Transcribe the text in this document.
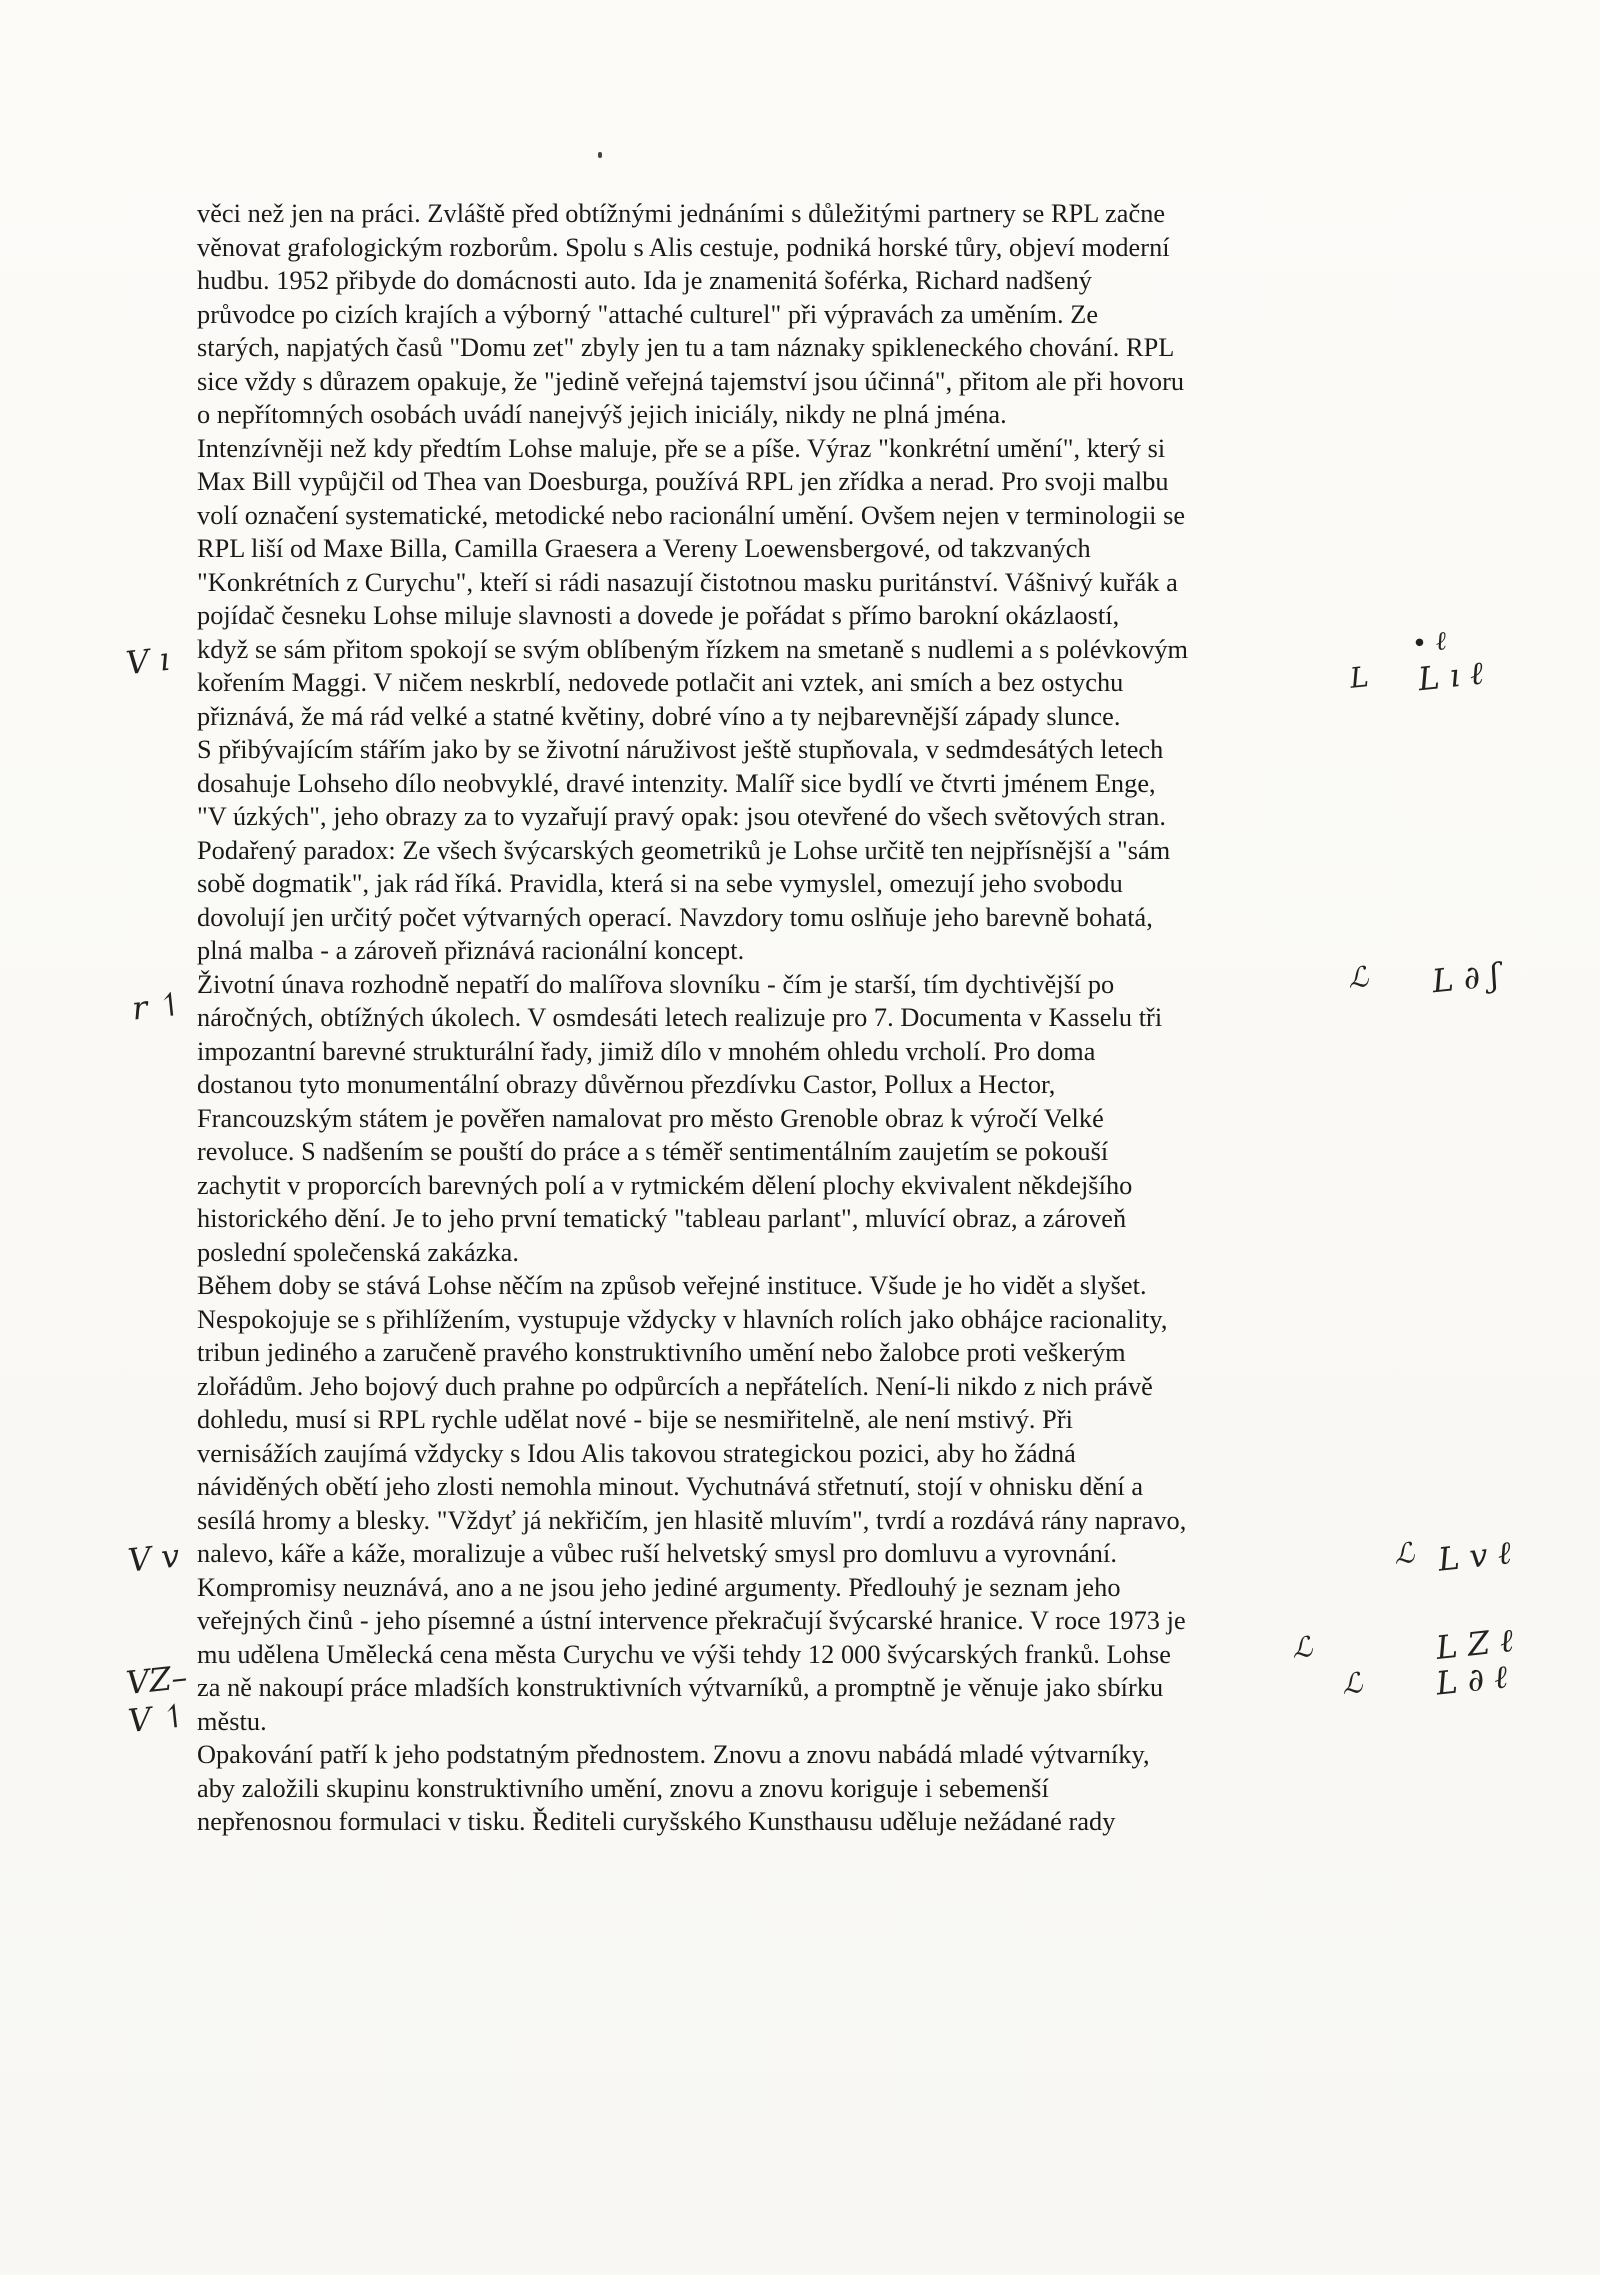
věci než jen na práci. Zvláště před obtížnými jednáními s důležitými partnery se RPL začne
věnovat grafologickým rozborům. Spolu s Alis cestuje, podniká horské tůry, objeví moderní
hudbu. 1952 přibyde do domácnosti auto. Ida je znamenitá šoférka, Richard nadšený
průvodce po cizích krajích a výborný "attaché culturel" při výpravách za uměním. Ze
starých, napjatých časů "Domu zet" zbyly jen tu a tam náznaky spikleneckého chování. RPL
sice vždy s důrazem opakuje, že "jedině veřejná tajemství jsou účinná", přitom ale při hovoru
o nepřítomných osobách uvádí nanejvýš jejich iniciály, nikdy ne plná jména.
Intenzívněji než kdy předtím Lohse maluje, pře se a píše. Výraz "konkrétní umění", který si
Max Bill vypůjčil od Thea van Doesburga, používá RPL jen zřídka a nerad. Pro svoji malbu
volí označení systematické, metodické nebo racionální umění. Ovšem nejen v terminologii se
RPL liší od Maxe Billa, Camilla Graesera a Vereny Loewensbergové, od takzvaných
"Konkrétních z Curychu", kteří si rádi nasazují čistotnou masku puritánství. Vášnivý kuřák a
pojídač česneku Lohse miluje slavnosti a dovede je pořádat s přímo barokní okázlaostí,
když se sám přitom spokojí se svým oblíbeným řízkem na smetaně s nudlemi a s polévkovým
kořením Maggi. V ničem neskrblí, nedovede potlačit ani vztek, ani smích a bez ostychu
přiznává, že má rád velké a statné květiny, dobré víno a ty nejbarevnější západy slunce.
S přibývajícím stářím jako by se životní náruživost ještě stupňovala, v sedmdesátých letech
dosahuje Lohseho dílo neobvyklé, dravé intenzity. Malíř sice bydlí ve čtvrti jménem Enge,
"V úzkých", jeho obrazy za to vyzařují pravý opak: jsou otevřené do všech světových stran.
Podařený paradox: Ze všech švýcarských geometriků je Lohse určitě ten nejpřísnější a "sám
sobě dogmatik", jak rád říká. Pravidla, která si na sebe vymyslel, omezují jeho svobodu
dovolují jen určitý počet výtvarných operací. Navzdory tomu oslňuje jeho barevně bohatá,
plná malba - a zároveň přiznává racionální koncept.
Životní únava rozhodně nepatří do malířova slovníku - čím je starší, tím dychtivější po
náročných, obtížných úkolech. V osmdesáti letech realizuje pro 7. Documenta v Kasselu tři
impozantní barevné strukturální řady, jimiž dílo v mnohém ohledu vrcholí. Pro doma
dostanou tyto monumentální obrazy důvěrnou přezdívku Castor, Pollux a Hector,
Francouzským státem je pověřen namalovat pro město Grenoble obraz k výročí Velké
revoluce. S nadšením se pouští do práce a s téměř sentimentálním zaujetím se pokouší
zachytit v proporcích barevných polí a v rytmickém dělení plochy ekvivalent někdejšího
historického dění. Je to jeho první tematický "tableau parlant", mluvící obraz, a zároveň
poslední společenská zakázka.
Během doby se stává Lohse něčím na způsob veřejné instituce. Všude je ho vidět a slyšet.
Nespokojuje se s přihlížením, vystupuje vždycky v hlavních rolích jako obhájce racionality,
tribun jediného a zaručeně pravého konstruktivního umění nebo žalobce proti veškerým
zlořádům. Jeho bojový duch prahne po odpůrcích a nepřátelích. Není-li nikdo z nich právě
dohledu, musí si RPL rychle udělat nové - bije se nesmiřitelně, ale není mstivý. Při
vernisážích zaujímá vždycky s Idou Alis takovou strategickou pozici, aby ho žádná
náviděných obětí jeho zlosti nemohla minout. Vychutnává střetnutí, stojí v ohnisku dění a
sesílá hromy a blesky. "Vždyť já nekřičím, jen hlasitě mluvím", tvrdí a rozdává rány napravo,
nalevo, káře a káže, moralizuje a vůbec ruší helvetský smysl pro domluvu a vyrovnání.
Kompromisy neuznává, ano a ne jsou jeho jediné argumenty. Předlouhý je seznam jeho
veřejných činů - jeho písemné a ústní intervence překračují švýcarské hranice. V roce 1973 je
mu udělena Umělecká cena města Curychu ve výši tehdy 12 000 švýcarských franků. Lohse
za ně nakoupí práce mladších konstruktivních výtvarníků, a promptně je věnuje jako sbírku
městu.
Opakování patří k jeho podstatným přednostem. Znovu a znovu nabádá mladé výtvarníky,
aby založili skupinu konstruktivního umění, znovu a znovu koriguje i sebemenší
nepřenosnou formulaci v tisku. Řediteli curyšského Kunsthausu uděluje nežádané rady
V ı	• ℓ
L L ı ℓ
r ↿
ℒ L ∂ ʃ
V v	ℒ L v ℓ
ℒ	L Z ℓ
VZ–	ℒ L ∂ ℓ
V ↿
